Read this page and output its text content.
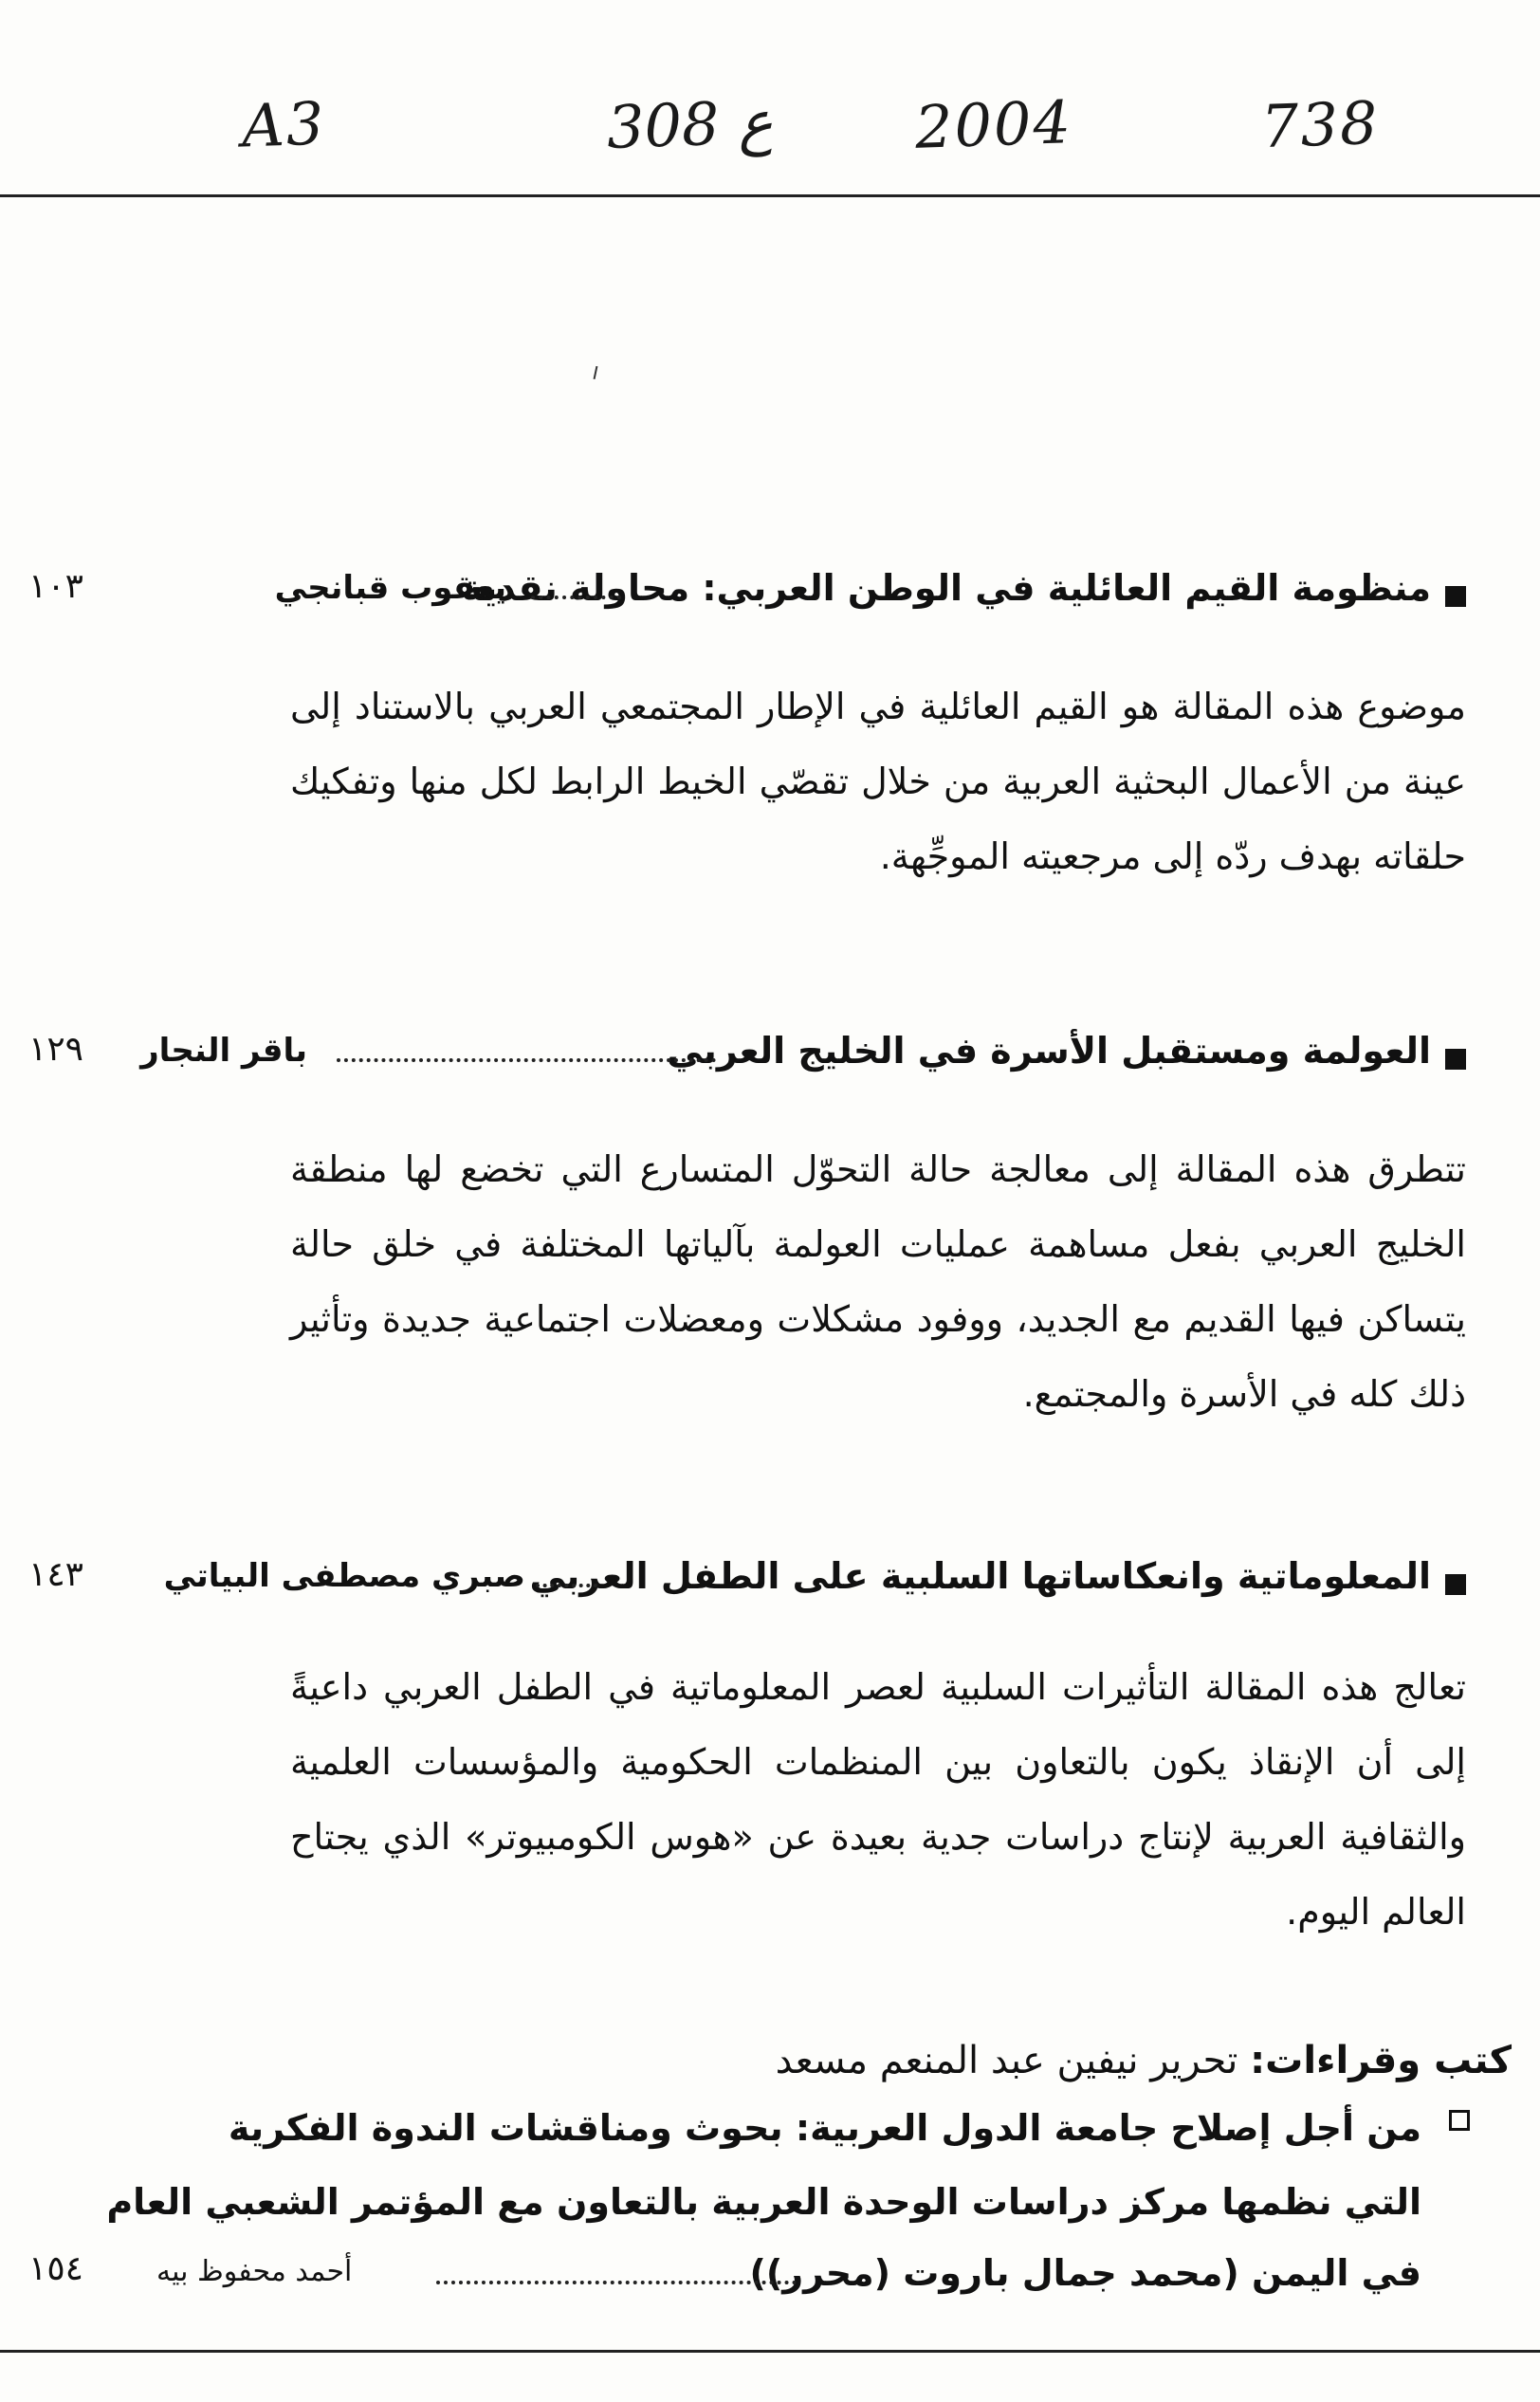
A3	308 ع 2004	738
منظومة القيم العائلية في الوطن العربي: محاولة نقدية
يعقوب قبانجي
١٠٣
موضوع هذه المقالة هو القيم العائلية في الإطار المجتمعي العربي بالاستناد إلى عينة من الأعمال البحثية العربية من خلال تقصّي الخيط الرابط لكل منها وتفكيك حلقاته بهدف ردّه إلى مرجعيته الموجِّهة.
العولمة ومستقبل الأسرة في الخليج العربي
باقر النجار
١٢٩
تتطرق هذه المقالة إلى معالجة حالة التحوّل المتسارع التي تخضع لها منطقة الخليج العربي بفعل مساهمة عمليات العولمة بآلياتها المختلفة في خلق حالة يتساكن فيها القديم مع الجديد، ووفود مشكلات ومعضلات اجتماعية جديدة وتأثير ذلك كله في الأسرة والمجتمع.
المعلوماتية وانعكاساتها السلبية على الطفل العربي
صبري مصطفى البياتي
١٤٣
تعالج هذه المقالة التأثيرات السلبية لعصر المعلوماتية في الطفل العربي داعيةً إلى أن الإنقاذ يكون بالتعاون بين المنظمات الحكومية والمؤسسات العلمية والثقافية العربية لإنتاج دراسات جدية بعيدة عن «هوس الكومبيوتر» الذي يجتاح العالم اليوم.
كتب وقراءات: تحرير نيفين عبد المنعم مسعد
من أجل إصلاح جامعة الدول العربية: بحوث ومناقشات الندوة الفكرية
التي نظمها مركز دراسات الوحدة العربية بالتعاون مع المؤتمر الشعبي العام
في اليمن (محمد جمال باروت (محرر))
أحمد محفوظ بيه
١٥٤
